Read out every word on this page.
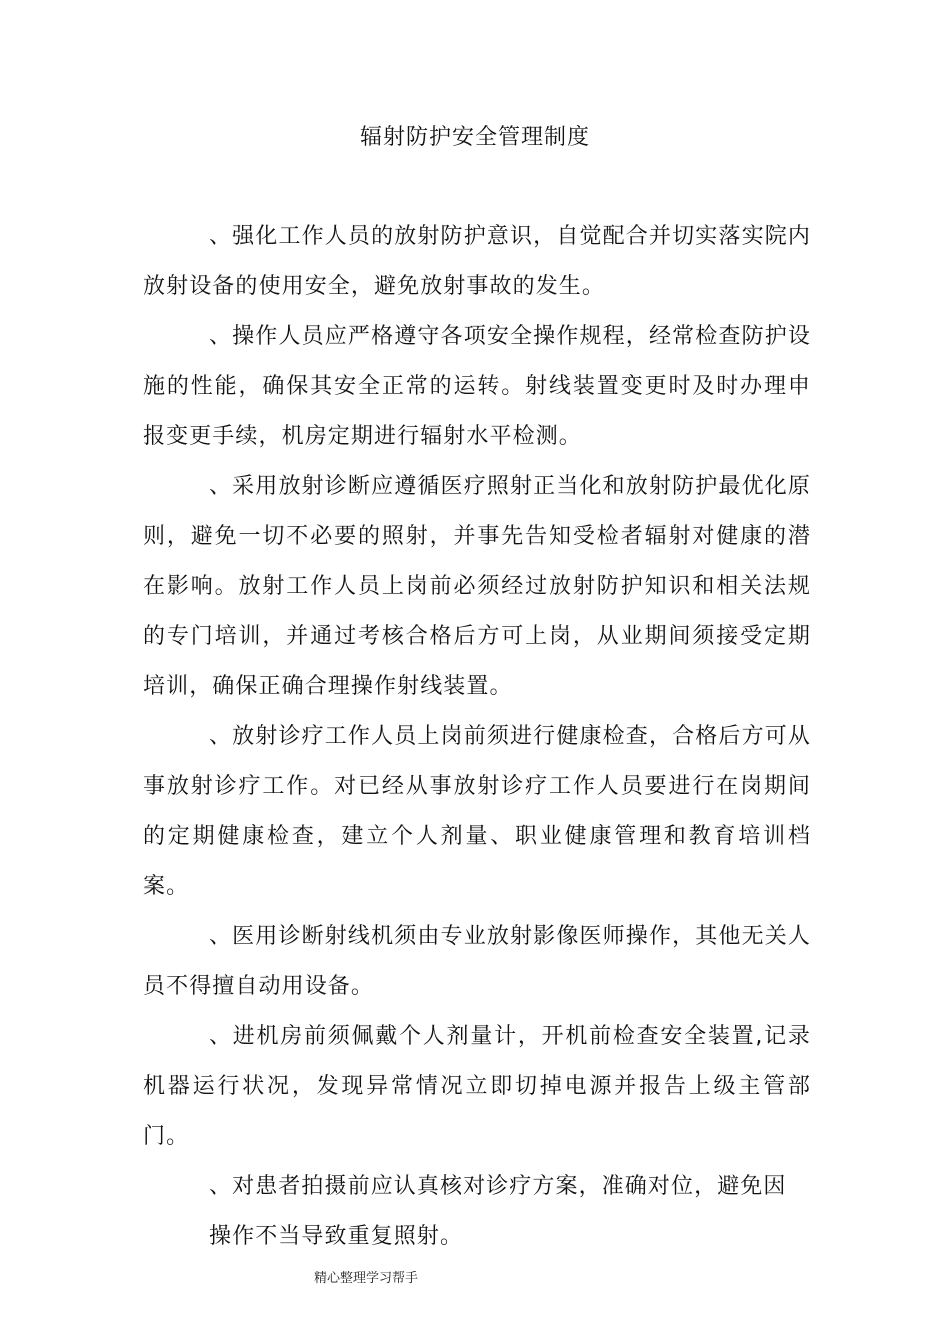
辐射防护安全管理制度

、强化工作人员的放射防护意识，自觉配合并切实落实院内放射设备的使用安全，避免放射事故的发生。

、操作人员应严格遵守各项安全操作规程，经常检查防护设施的性能，确保其安全正常的运转。射线装置变更时及时办理申报变更手续，机房定期进行辐射水平检测。

、采用放射诊断应遵循医疗照射正当化和放射防护最优化原则，避免一切不必要的照射，并事先告知受检者辐射对健康的潜在影响。放射工作人员上岗前必须经过放射防护知识和相关法规的专门培训，并通过考核合格后方可上岗，从业期间须接受定期培训，确保正确合理操作射线装置。

、放射诊疗工作人员上岗前须进行健康检查，合格后方可从事放射诊疗工作。对已经从事放射诊疗工作人员要进行在岗期间的定期健康检查，建立个人剂量、职业健康管理和教育培训档案。

、医用诊断射线机须由专业放射影像医师操作，其他无关人员不得擅自动用设备。

、进机房前须佩戴个人剂量计，开机前检查安全装置,记录机器运行状况，发现异常情况立即切掉电源并报告上级主管部门。

、对患者拍摄前应认真核对诊疗方案，准确对位，避免因
操作不当导致重复照射。

精心整理学习帮手
